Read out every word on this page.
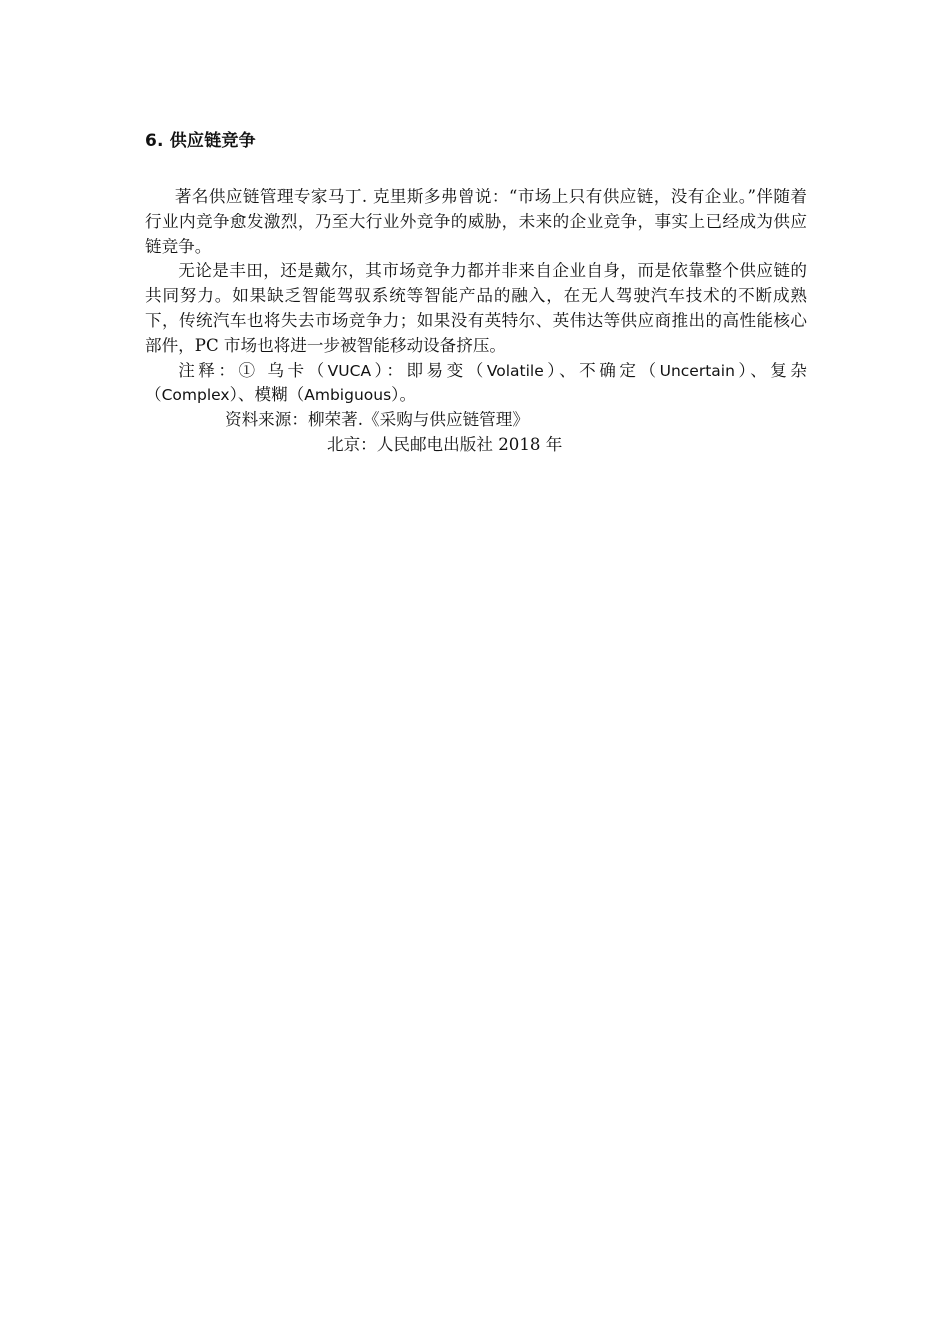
6. 供应链竞争

著名供应链管理专家马丁. 克里斯多弗曾说：“市场上只有供应链，没有企业。”伴随着行业内竞争愈发激烈，乃至大行业外竞争的威胁，未来的企业竞争，事实上已经成为供应链竞争。

无论是丰田，还是戴尔，其市场竞争力都并非来自企业自身，而是依靠整个供应链的共同努力。如果缺乏智能驾驭系统等智能产品的融入，在无人驾驶汽车技术的不断成熟下，传统汽车也将失去市场竞争力；如果没有英特尔、英伟达等供应商推出的高性能核心部件，PC 市场也将进一步被智能移动设备挤压。

注释：① 乌卡（VUCA）：即易变（Volatile）、不确定（Uncertain）、复杂（Complex）、模糊（Ambiguous）。

资料来源：柳荣著.《采购与供应链管理》
北京：人民邮电出版社 2018 年
